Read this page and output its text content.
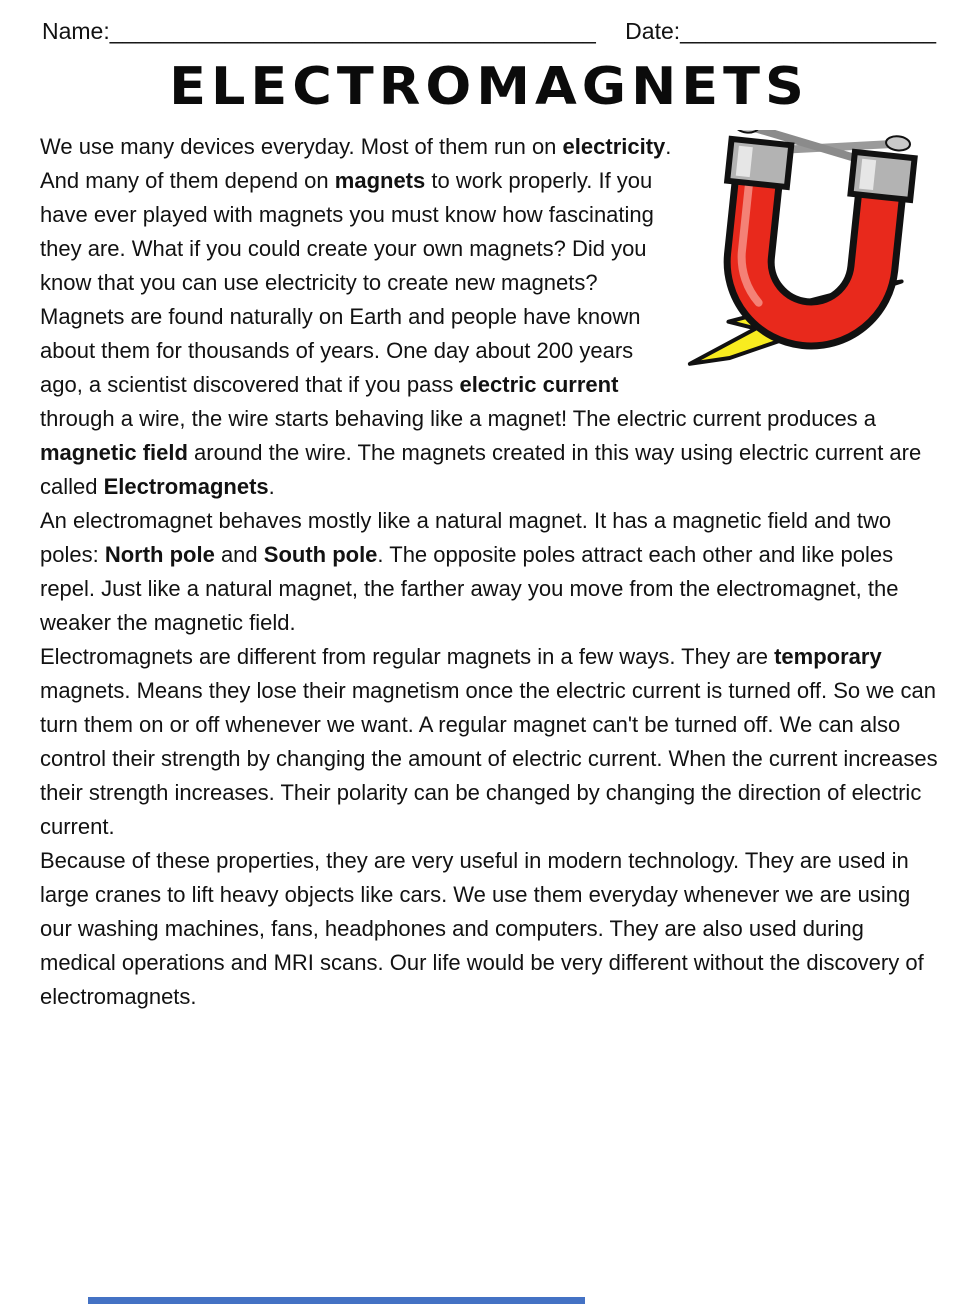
Name: ______________________________________ Date: ____________________
ELECTROMAGNETS

We use many devices everyday. Most of them run on electricity. And many of them depend on magnets to work properly. If you have ever played with magnets you must know how fascinating they are. What if you could create your own magnets? Did you know that you can use electricity to create new magnets?

Magnets are found naturally on Earth and people have known about them for thousands of years. One day about 200 years ago, a scientist discovered that if you pass electric current through a wire, the wire starts behaving like a magnet! The electric current produces a magnetic field around the wire. The magnets created in this way using electric current are called Electromagnets.

An electromagnet behaves mostly like a natural magnet. It has a magnetic field and two poles: North pole and South pole. The opposite poles attract each other and like poles repel. Just like a natural magnet, the farther away you move from the electromagnet, the weaker the magnetic field.

Electromagnets are different from regular magnets in a few ways. They are temporary magnets. Means they lose their magnetism once the electric current is turned off. So we can turn them on or off whenever we want. A regular magnet can't be turned off. We can also control their strength by changing the amount of electric current. When the current increases their strength increases. Their polarity can be changed by changing the direction of electric current.

Because of these properties, they are very useful in modern technology. They are used in large cranes to lift heavy objects like cars. We use them everyday whenever we are using our washing machines, fans, headphones and computers. They are also used during medical operations and MRI scans. Our life would be very different without the discovery of electromagnets.
